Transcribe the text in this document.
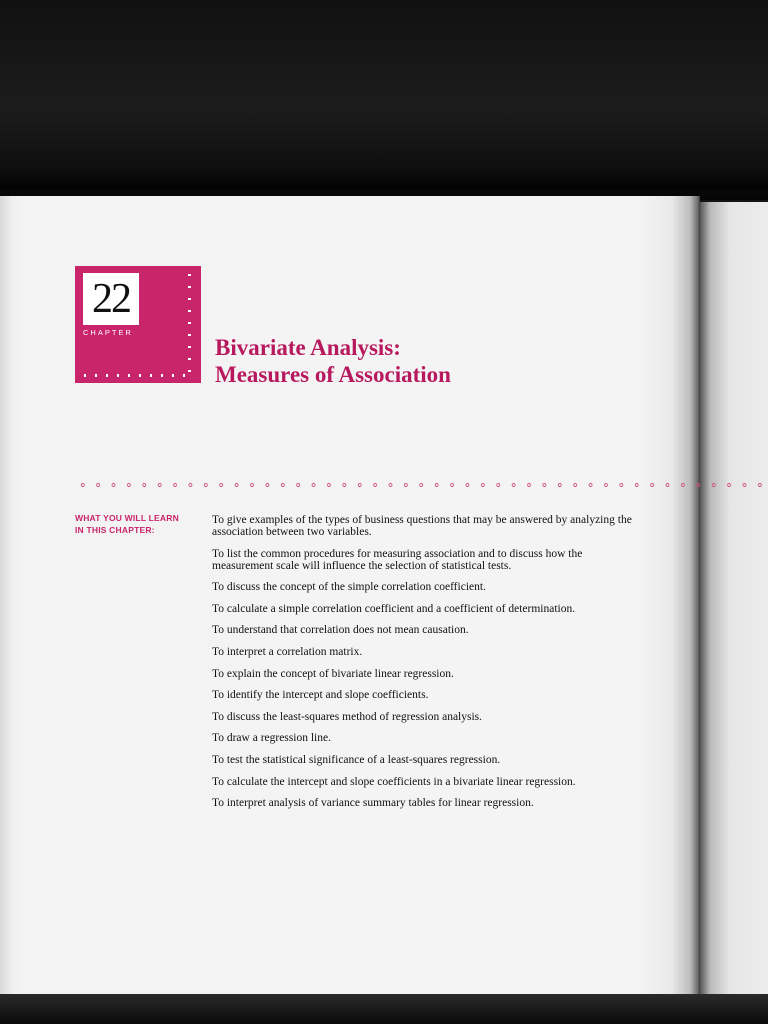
22
CHAPTER
Bivariate Analysis:
Measures of Association
WHAT YOU WILL LEARN
IN THIS CHAPTER:
To give examples of the types of business questions that may be answered by analyzing the association between two variables.
To list the common procedures for measuring association and to discuss how the measurement scale will influence the selection of statistical tests.
To discuss the concept of the simple correlation coefficient.
To calculate a simple correlation coefficient and a coefficient of determination.
To understand that correlation does not mean causation.
To interpret a correlation matrix.
To explain the concept of bivariate linear regression.
To identify the intercept and slope coefficients.
To discuss the least-squares method of regression analysis.
To draw a regression line.
To test the statistical significance of a least-squares regression.
To calculate the intercept and slope coefficients in a bivariate linear regression.
To interpret analysis of variance summary tables for linear regression.
